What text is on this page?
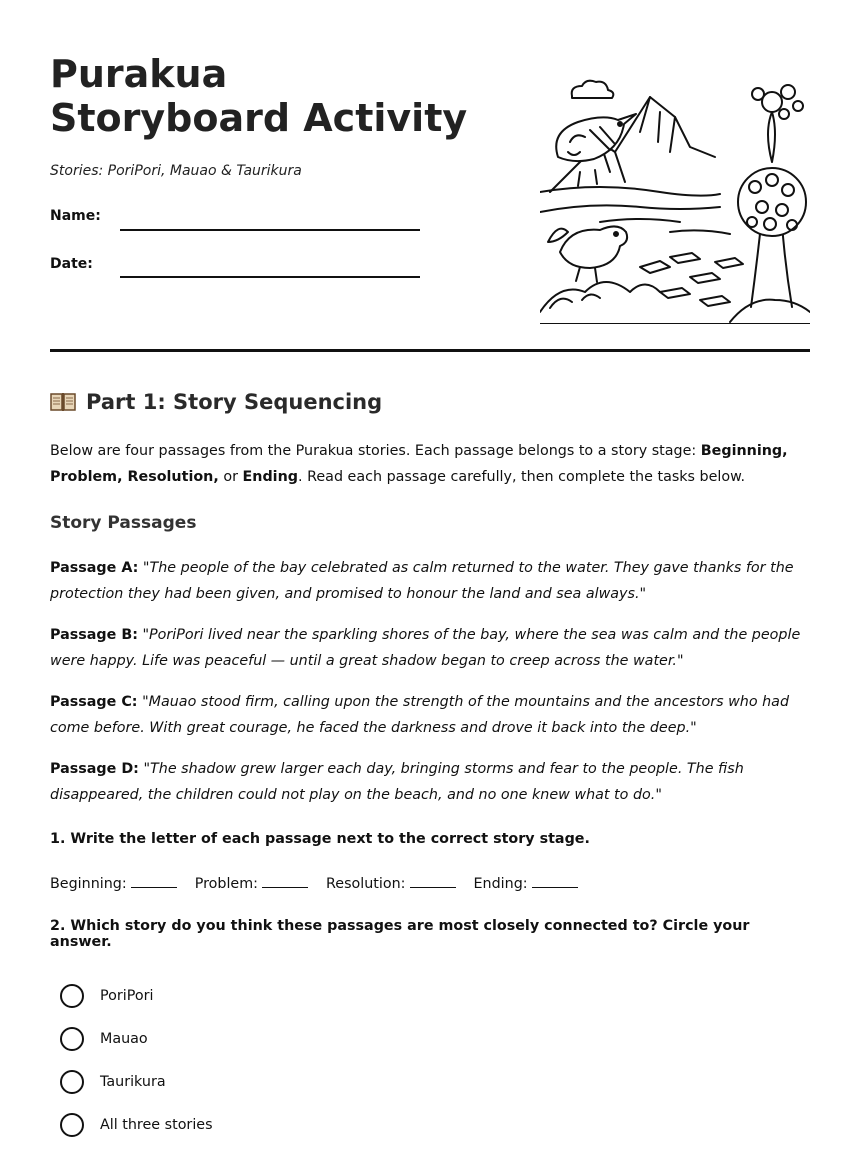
Purakua Storyboard Activity

Stories: PoriPori, Mauao & Taurikura

Name:
Date:
Part 1: Story Sequencing

Below are four passages from the Purakua stories. Each passage belongs to a story stage: Beginning, Problem, Resolution, or Ending. Read each passage carefully, then complete the tasks below.

Story Passages

Passage A: "The people of the bay celebrated as calm returned to the water. They gave thanks for the protection they had been given, and promised to honour the land and sea always."

Passage B: "PoriPori lived near the sparkling shores of the bay, where the sea was calm and the people were happy. Life was peaceful — until a great shadow began to creep across the water."

Passage C: "Mauao stood firm, calling upon the strength of the mountains and the ancestors who had come before. With great courage, he faced the darkness and drove it back into the deep."

Passage D: "The shadow grew larger each day, bringing storms and fear to the people. The fish disappeared, the children could not play on the beach, and no one knew what to do."

1. Write the letter of each passage next to the correct story stage.

Beginning:	Problem:	Resolution:	Ending:

2. Which story do you think these passages are most closely connected to? Circle your answer.

PoriPori
Mauao
Taurikura
All three stories
